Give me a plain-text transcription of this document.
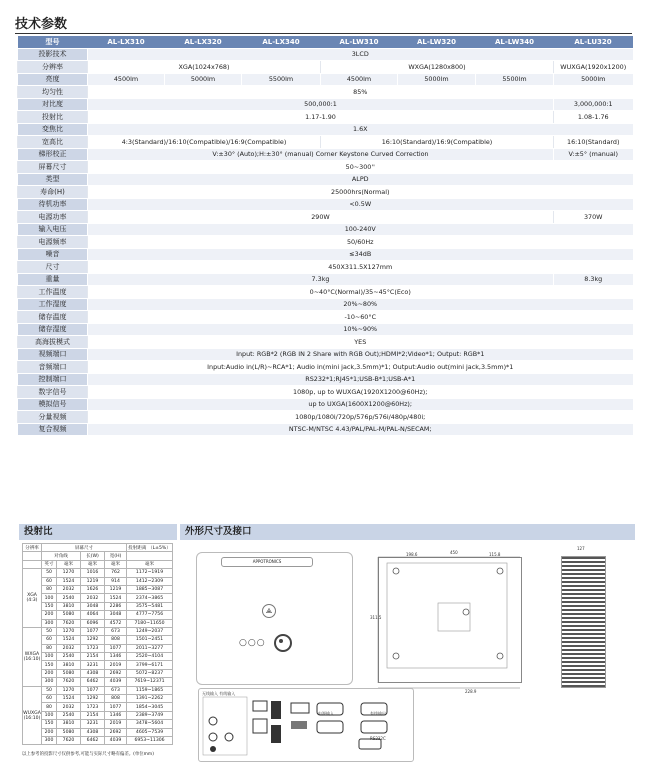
技术参数
型号	AL-LX310	AL-LX320	AL-LX340	AL-LW310	AL-LW320	AL-LW340	AL-LU320
投影技术	3LCD						
分辨率	XGA(1024x768)			WXGA(1280x800)			WUXGA(1920x1200)
亮度	4500lm	5000lm	5500lm	4500lm	5000lm	5500lm	5000lm
均匀性	85%						
对比度	500,000:1						3,000,000:1
投射比	1.17-1.90						1.08-1.76
变焦比	1.6X						
宽高比	4:3(Standard)/16:10(Compatible)/16:9(Compatible)			16:10(Standard)/16:9(Compatible)			16:10(Standard)
梯形校正	V:±30° (Auto);H:±30° (manual) Corner Keystone Curved Correction						V:±5° (manual)
屏幕尺寸	50~300''						
类型	ALPD						
寿命(H)	25000hrs(Normal)						
待机功率	<0.5W						
电源功率	290W						370W
输入电压	100-240V						
电源频率	50/60Hz						
噪音	≤34dB						
尺寸	450X311.5X127mm						
重量	7.3kg						8.3kg
工作温度	0~40°C(Normal)/35~45°C(Eco)						
工作湿度	20%~80%						
储存温度	-10~60°C						
储存湿度	10%~90%						
高海拔模式	YES						
视频端口	Input: RGB*2 (RGB IN 2 Share with RGB Out);HDMI*2;Video*1; Output: RGB*1						
音频端口	Input:Audio in(L/R)~RCA*1; Audio in(mini jack,3.5mm)*1; Output:Audio out(mini jack,3.5mm)*1						
控制端口	RS232*1;RJ45*1;USB-B*1;USB-A*1						
数字信号	1080p, up to WUXGA(1920X1200@60Hz);						
模拟信号	up to UXGA(1600X1200@60Hz);						
分量视频	1080p/1080i/720p/576p/576i/480p/480i;						
复合视频	NTSC-M/NTSC 4.43/PAL/PAL-M/PAL-N/SECAM;						
投射比	外形尺寸及接口
分辨率	屏幕尺寸				投射距离 （L±5%）
	对角线		长(W)	宽(H)	
	英寸	毫米	毫米	毫米	毫米
XGA (4:3)	50	1270	1016	762	1172~1919
	60	1524	1219	914	1412~2309
	80	2032	1626	1219	1885~3087
	100	2540	2032	1524	2374~3865
	150	3810	3048	2286	3575~5481
	200	5080	4064	3048	4777~7756
	300	7620	6096	4572	7180~11650
WXGA (16:10)	50	1270	1077	673	1249~2037
	60	1524	1292	808	1501~2451
	80	2032	1723	1077	2011~3277
	100	2540	2154	1346	2520~4104
	150	3810	3231	2019	3799~6171
	200	5080	4308	2692	5072~8237
	300	7620	6462	4039	7619~12371
WUXGA (16:10)	50	1270	1077	673	1159~1865
	60	1524	1292	808	1391~2262
	80	2032	1723	1077	1854~3045
	100	2540	2154	1346	2389~3749
	150	3810	3231	2019	3478~5604
	200	5080	4308	2692	4605~7539
	300	7620	6462	4039	6953~11306
以上参考的投影尺寸仅供参考,可能与实际尺寸略有偏差。(单位mm)
APPOTRONICS
⟁
○○○
450
311.5
228.9
198.6	115.8
127
无线输入 有线输入
RS232C
电源输入	有线输出
